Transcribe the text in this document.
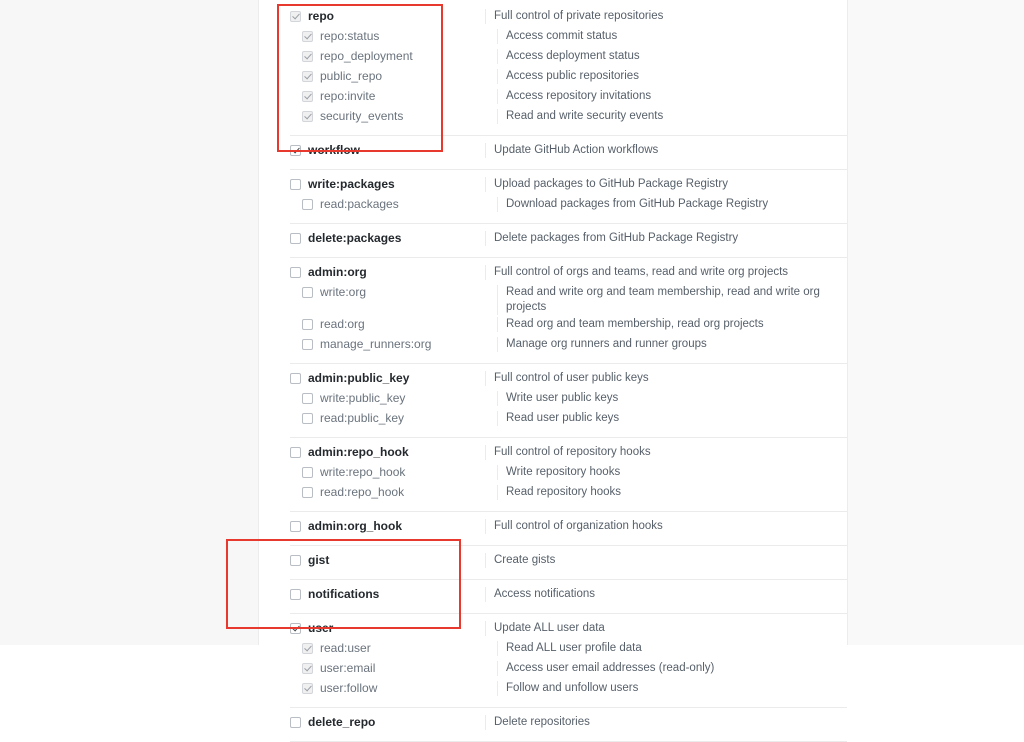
repo	Full control of private repositories
repo:status	Access commit status
repo_deployment	Access deployment status
public_repo	Access public repositories
repo:invite	Access repository invitations
security_events	Read and write security events
workflow	Update GitHub Action workflows
write:packages	Upload packages to GitHub Package Registry
read:packages	Download packages from GitHub Package Registry
delete:packages	Delete packages from GitHub Package Registry
admin:org	Full control of orgs and teams, read and write org projects
write:org	Read and write org and team membership, read and write org projects
read:org	Read org and team membership, read org projects
manage_runners:org	Manage org runners and runner groups
admin:public_key	Full control of user public keys
write:public_key	Write user public keys
read:public_key	Read user public keys
admin:repo_hook	Full control of repository hooks
write:repo_hook	Write repository hooks
read:repo_hook	Read repository hooks
admin:org_hook	Full control of organization hooks
gist	Create gists
notifications	Access notifications
user	Update ALL user data
read:user	Read ALL user profile data
user:email	Access user email addresses (read-only)
user:follow	Follow and unfollow users
delete_repo	Delete repositories
